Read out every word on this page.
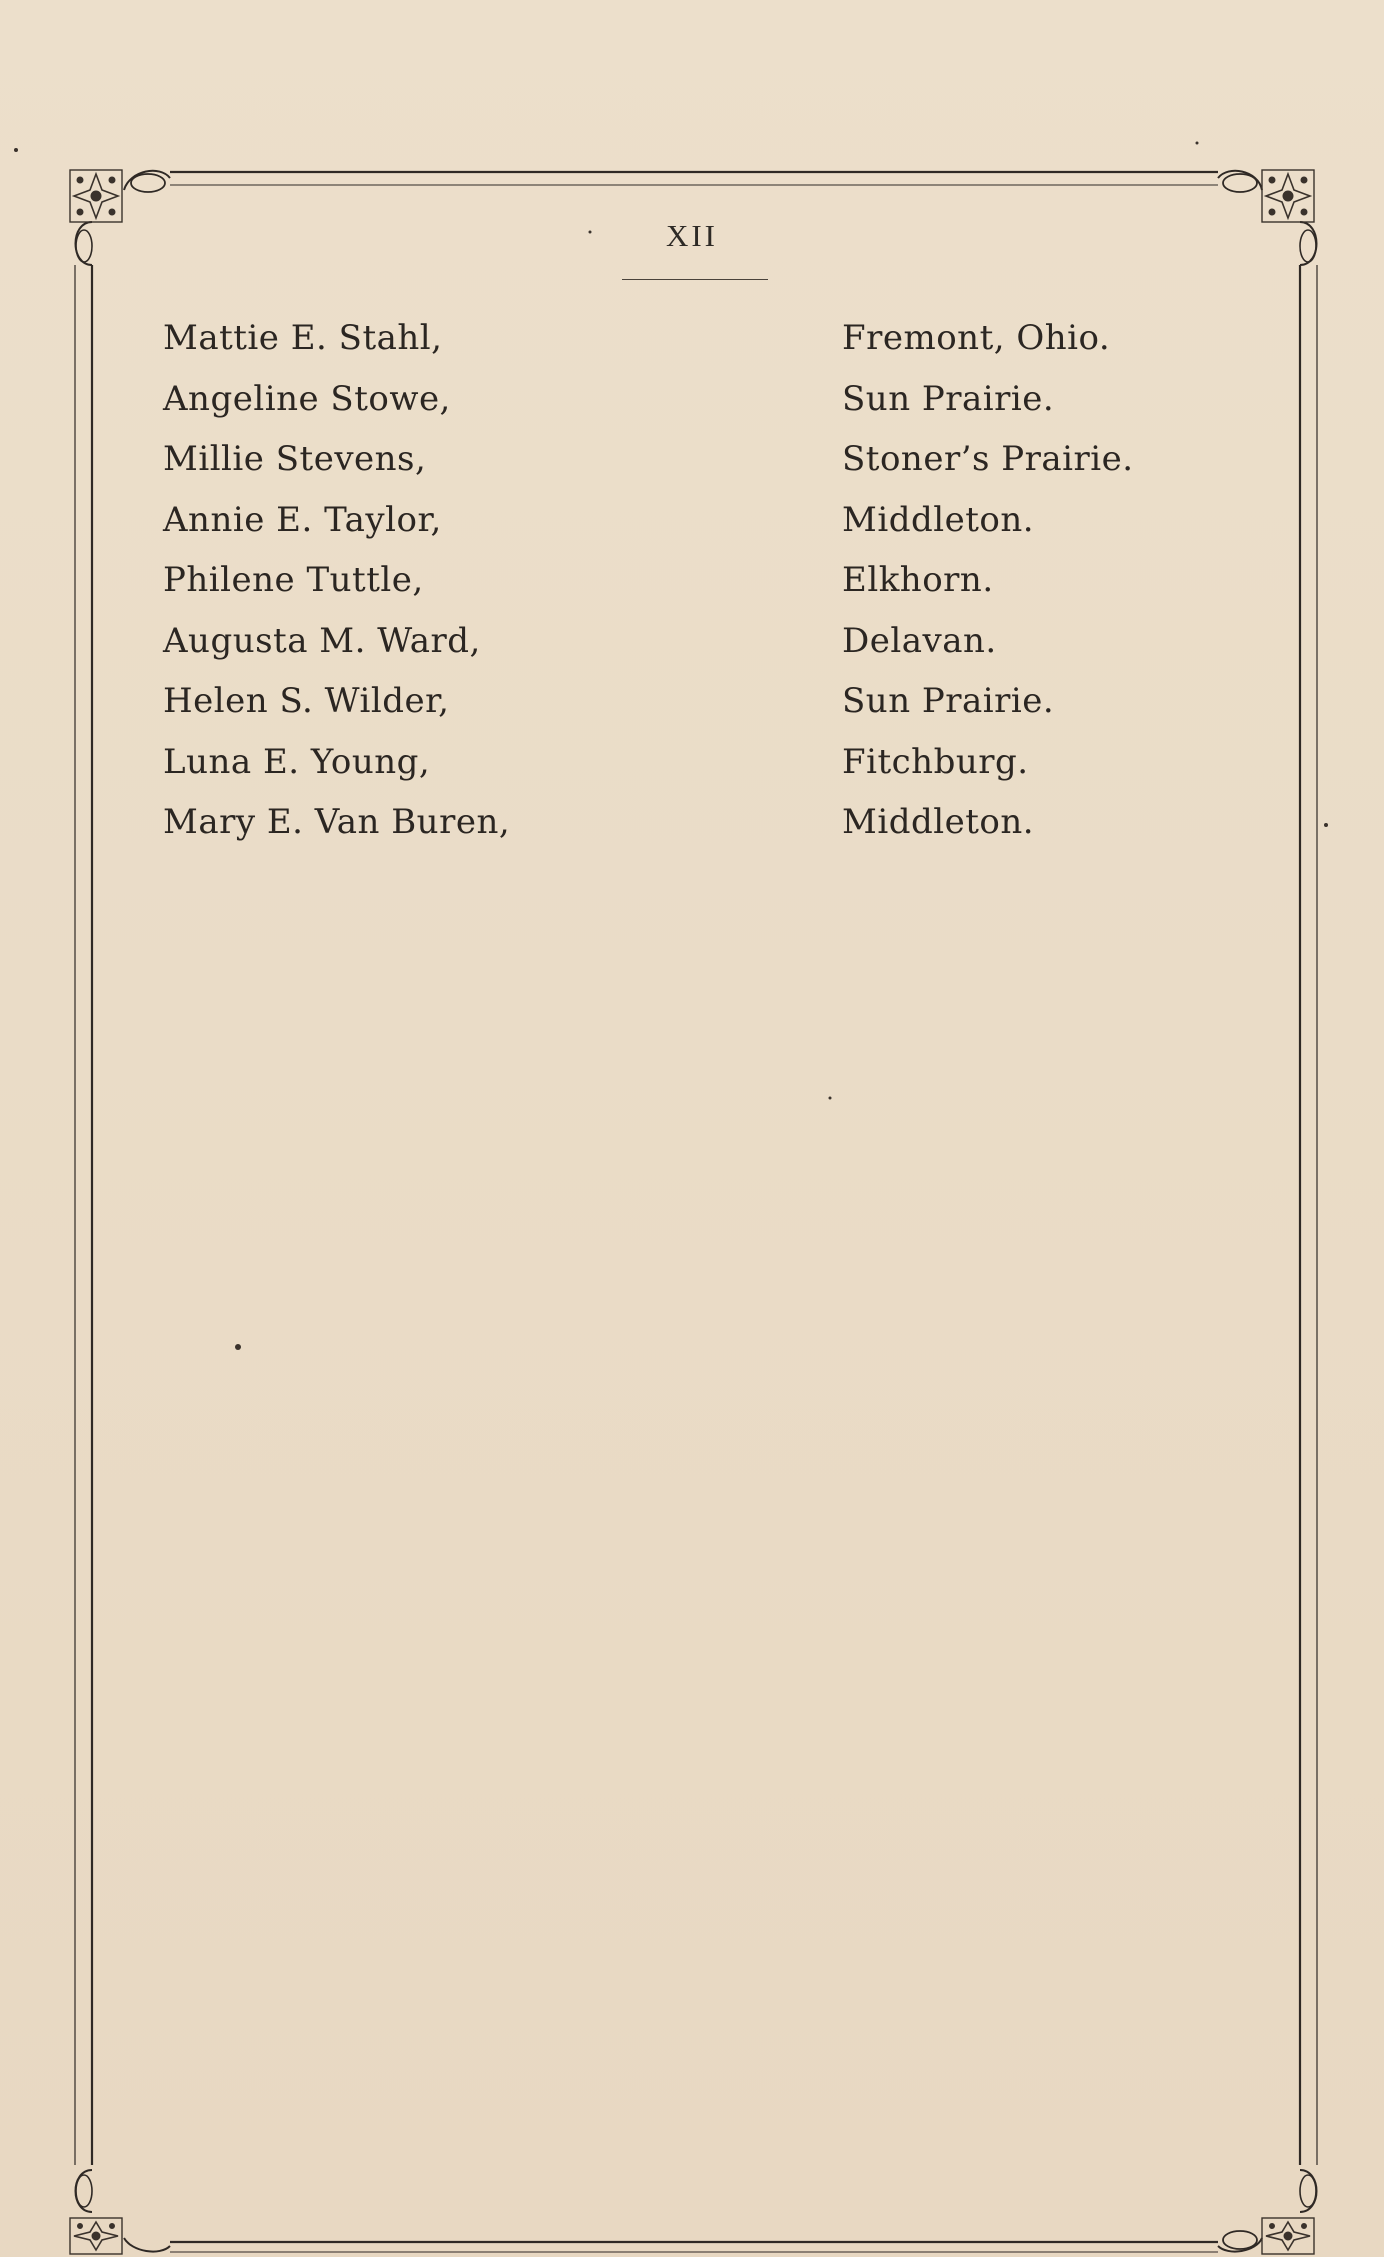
XII
Mattie E. Stahl,	Fremont, Ohio.
Angeline Stowe,	Sun Prairie.
Millie Stevens,	Stoner’s Prairie.
Annie E. Taylor,	Middleton.
Philene Tuttle,	Elkhorn.
Augusta M. Ward,	Delavan.
Helen S. Wilder,	Sun Prairie.
Luna E. Young,	Fitchburg.
Mary E. Van Buren,	Middleton.
